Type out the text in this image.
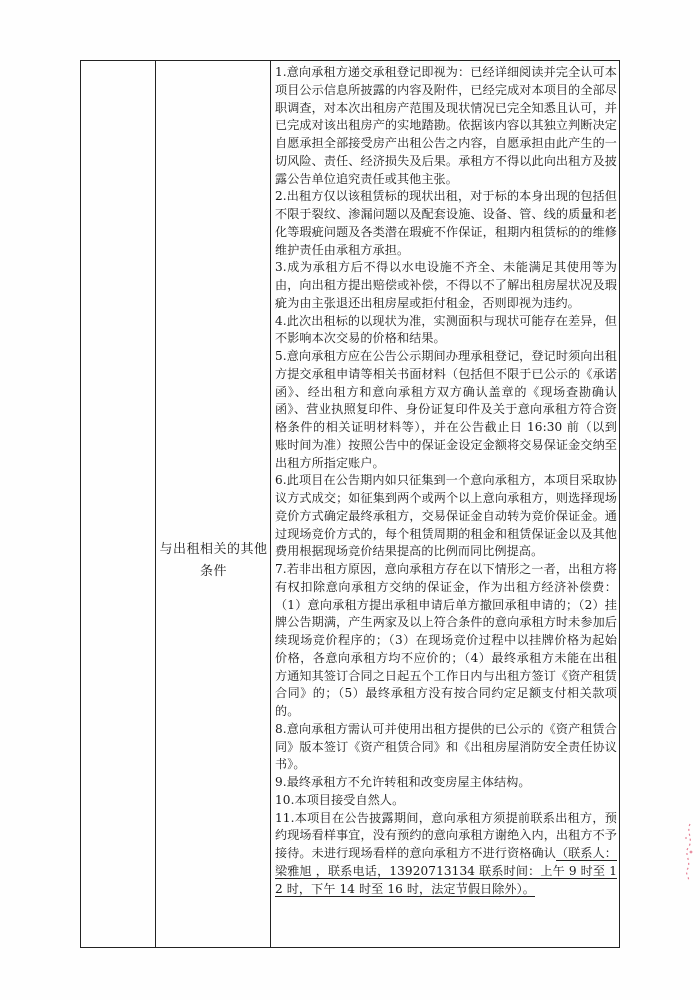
与出租相关的其他条件

1.意向承租方递交承租登记即视为：已经详细阅读并完全认可本项目公示信息所披露的内容及附件，已经完成对本项目的全部尽职调查，对本次出租房产范围及现状情况已完全知悉且认可，并已完成对该出租房产的实地踏勘。依据该内容以其独立判断决定自愿承担全部接受房产出租公告之内容，自愿承担由此产生的一切风险、责任、经济损失及后果。承租方不得以此向出租方及披露公告单位追究责任或其他主张。

2.出租方仅以该租赁标的现状出租，对于标的本身出现的包括但不限于裂纹、渗漏问题以及配套设施、设备、管、线的质量和老化等瑕疵问题及各类潜在瑕疵不作保证，租期内租赁标的的维修维护责任由承租方承担。

3.成为承租方后不得以水电设施不齐全、未能满足其使用等为由，向出租方提出赔偿或补偿，不得以不了解出租房屋状况及瑕疵为由主张退还出租房屋或拒付租金，否则即视为违约。

4.此次出租标的以现状为准，实测面积与现状可能存在差异，但不影响本次交易的价格和结果。

5.意向承租方应在公告公示期间办理承租登记，登记时须向出租方提交承租申请等相关书面材料（包括但不限于已公示的《承诺函》、经出租方和意向承租方双方确认盖章的《现场查勘确认函》、营业执照复印件、身份证复印件及关于意向承租方符合资格条件的相关证明材料等），并在公告截止日 16:30 前（以到账时间为准）按照公告中的保证金设定金额将交易保证金交纳至出租方所指定账户。

6.此项目在公告期内如只征集到一个意向承租方，本项目采取协议方式成交；如征集到两个或两个以上意向承租方，则选择现场竞价方式确定最终承租方，交易保证金自动转为竞价保证金。通过现场竞价方式的，每个租赁周期的租金和租赁保证金以及其他费用根据现场竞价结果提高的比例而同比例提高。

7.若非出租方原因，意向承租方存在以下情形之一者，出租方将有权扣除意向承租方交纳的保证金，作为出租方经济补偿费：（1）意向承租方提出承租申请后单方撤回承租申请的；（2）挂牌公告期满，产生两家及以上符合条件的意向承租方时未参加后续现场竞价程序的；（3）在现场竞价过程中以挂牌价格为起始价格，各意向承租方均不应价的；（4）最终承租方未能在出租方通知其签订合同之日起五个工作日内与出租方签订《资产租赁合同》的；（5）最终承租方没有按合同约定足额支付相关款项的。

8.意向承租方需认可并使用出租方提供的已公示的《资产租赁合同》版本签订《资产租赁合同》和《出租房屋消防安全责任协议书》。

9.最终承租方不允许转租和改变房屋主体结构。

10.本项目接受自然人。

11.本项目在公告披露期间，意向承租方须提前联系出租方，预约现场看样事宜，没有预约的意向承租方谢绝入内，出租方不予接待。未进行现场看样的意向承租方不进行资格确认（联系人：梁雅旭 ，联系电话，13920713134 联系时间：上午 9 时至 12 时，下午 14 时至 16 时，法定节假日除外）。
